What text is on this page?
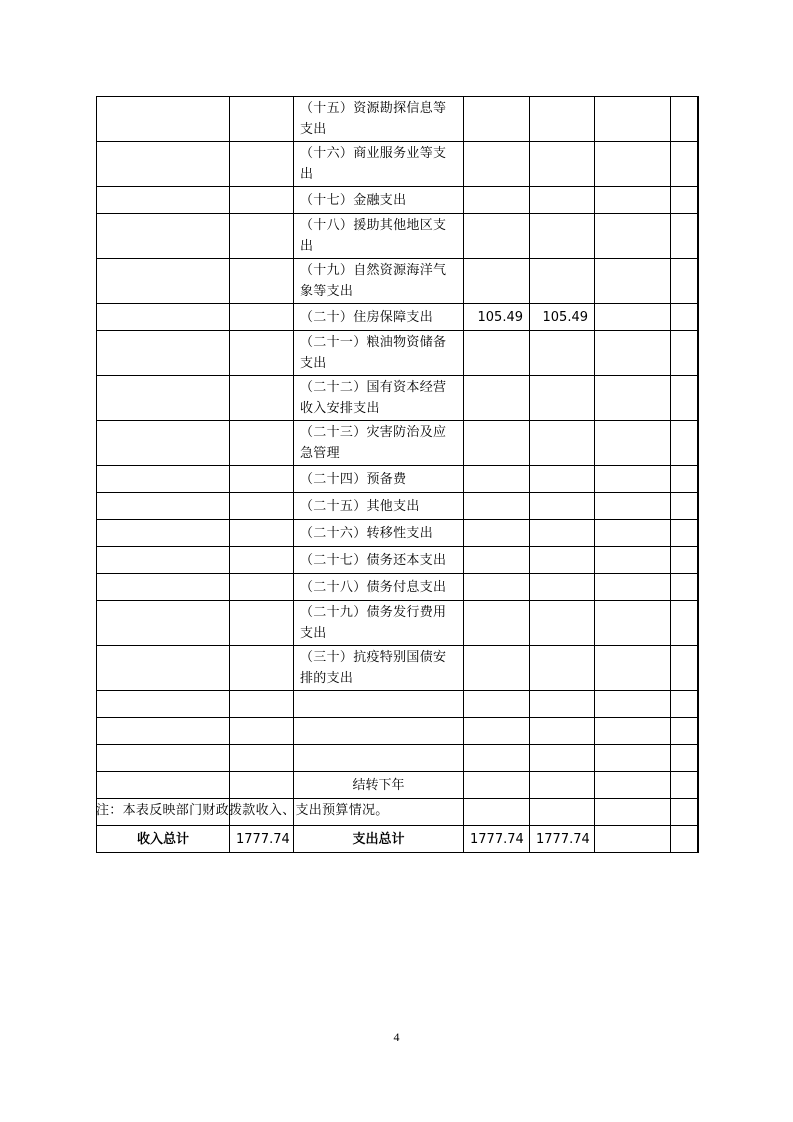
		（十五）资源勘探信息等支出					
		（十六）商业服务业等支出					
		（十七）金融支出					
		（十八）援助其他地区支出					
		（十九）自然资源海洋气象等支出					
		（二十）住房保障支出	105.49	105.49			
		（二十一）粮油物资储备支出					
		（二十二）国有资本经营收入安排支出					
		（二十三）灾害防治及应急管理					
		（二十四）预备费					
		（二十五）其他支出					
		（二十六）转移性支出					
		（二十七）债务还本支出					
		（二十八）债务付息支出					
		（二十九）债务发行费用支出					
		（三十）抗疫特别国债安排的支出					

		结转下年					

收入总计	1777.74	支出总计	1777.74	1777.74			
注：本表反映部门财政拨款收入、支出预算情况。
4
